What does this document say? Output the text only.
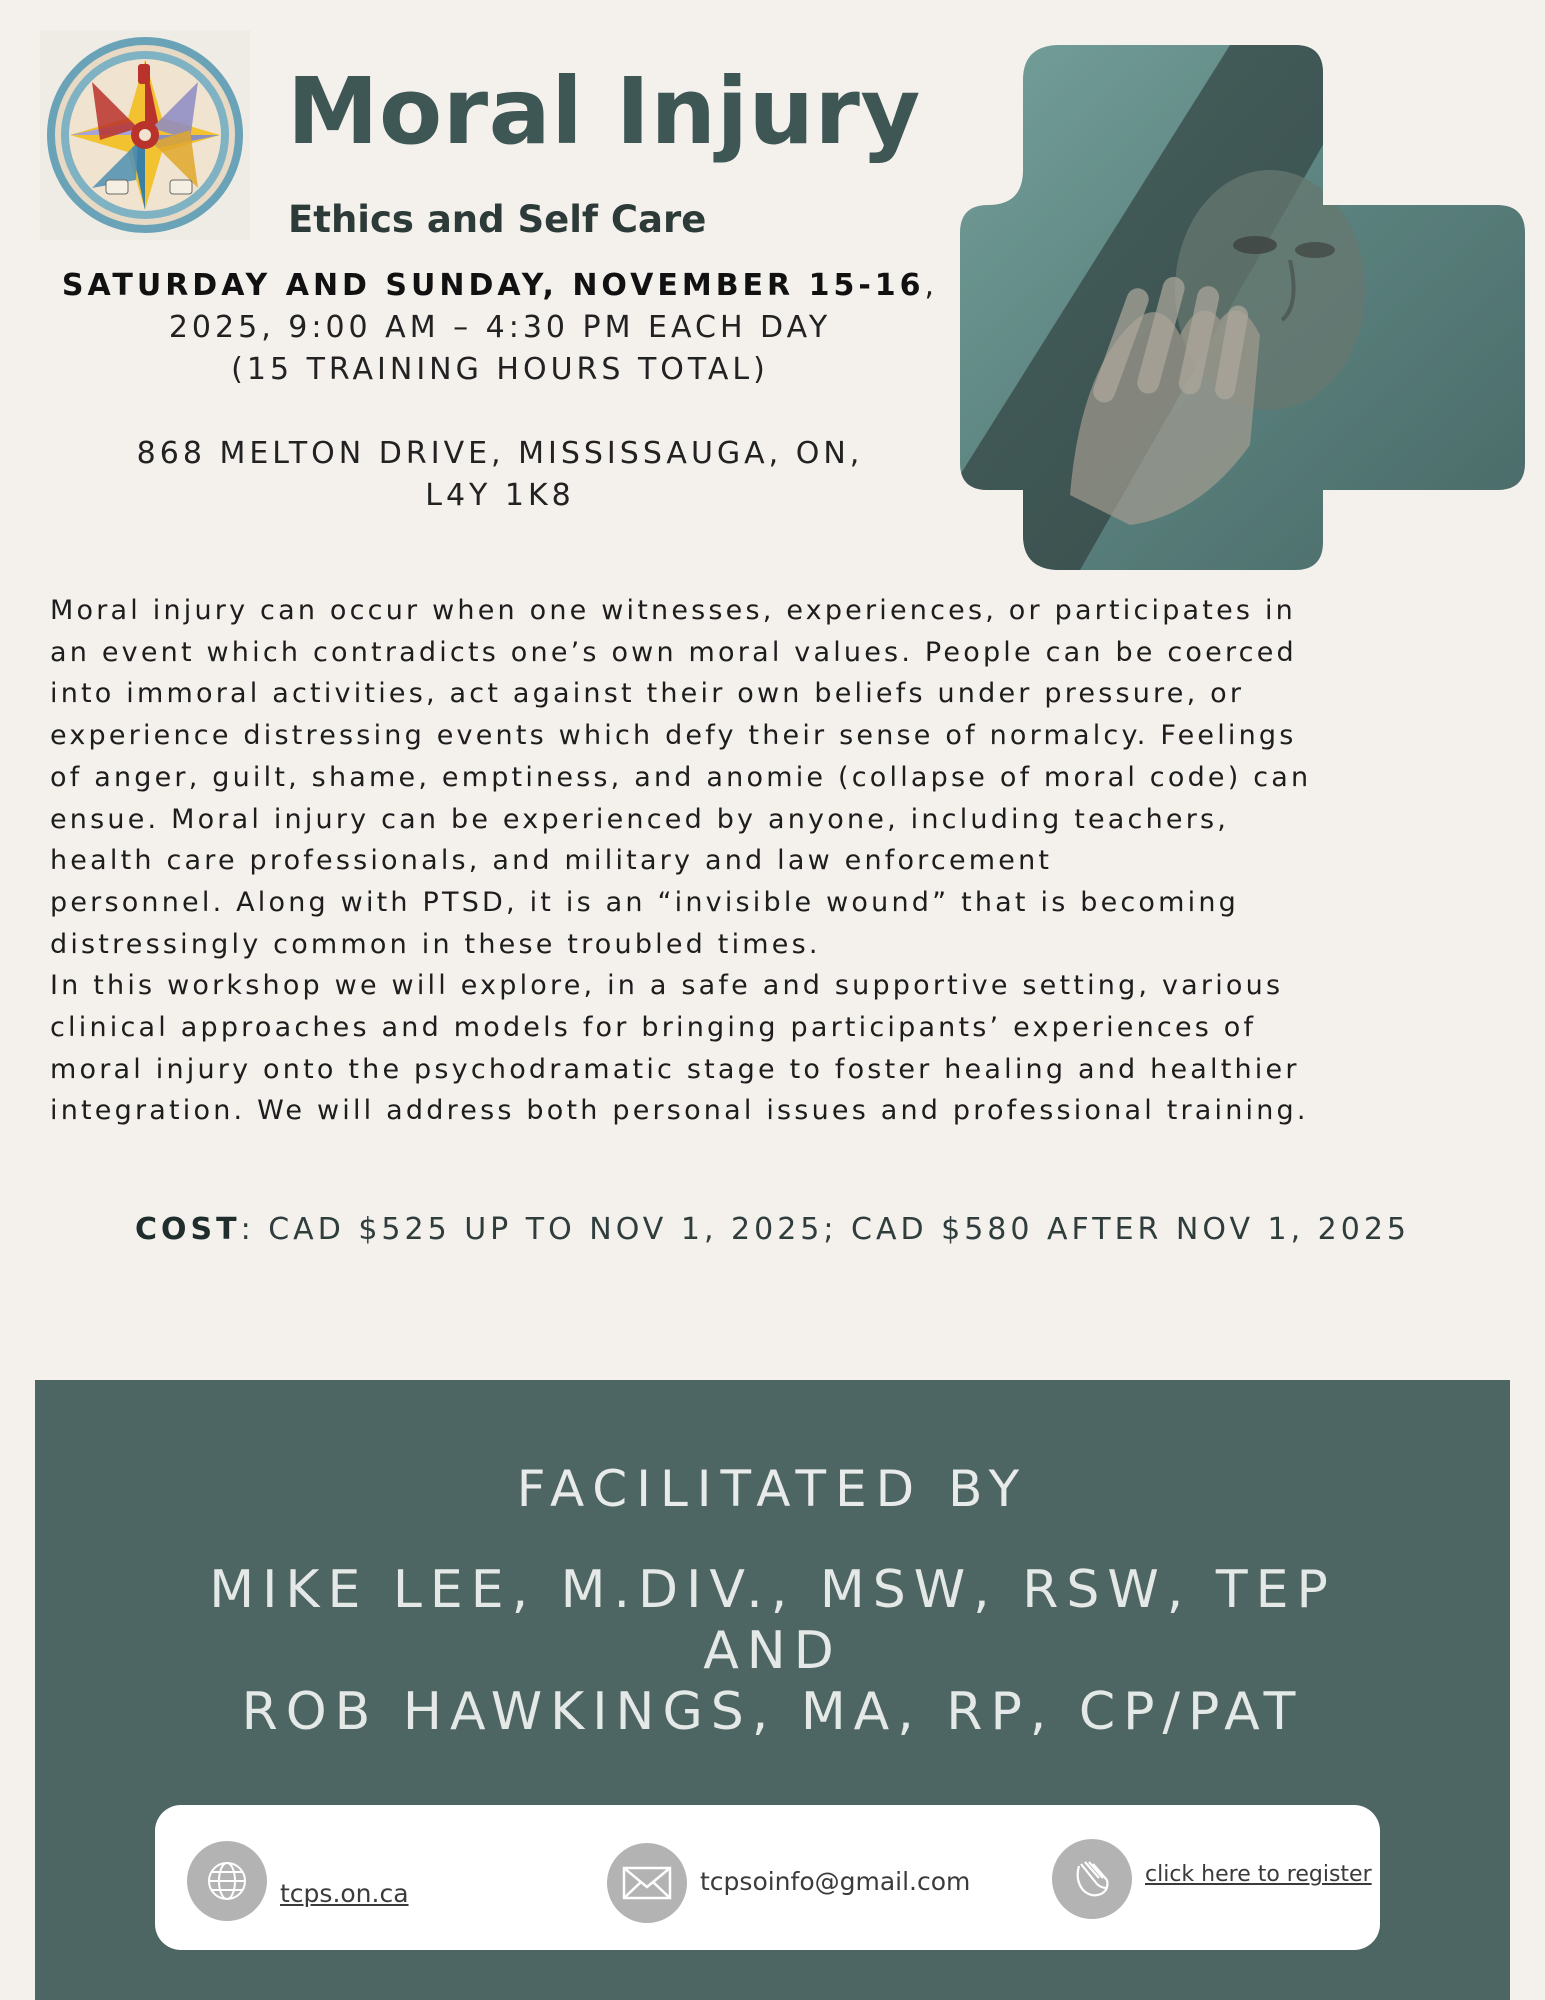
Moral Injury
Ethics and Self Care
SATURDAY AND SUNDAY, NOVEMBER 15-16,
2025, 9:00 AM – 4:30 PM EACH DAY
(15 TRAINING HOURS TOTAL)
868 MELTON DRIVE, MISSISSAUGA, ON,
L4Y 1K8

Moral injury can occur when one witnesses, experiences, or participates in

an event which contradicts one’s own moral values. People can be coerced

into immoral activities, act against their own beliefs under pressure, or

experience distressing events which defy their sense of normalcy. Feelings

of anger, guilt, shame, emptiness, and anomie (collapse of moral code) can

ensue. Moral injury can be experienced by anyone, including teachers,

health care professionals, and military and law enforcement

personnel. Along with PTSD, it is an “invisible wound” that is becoming

distressingly common in these troubled times.

In this workshop we will explore, in a safe and supportive setting, various

clinical approaches and models for bringing participants’ experiences of

moral injury onto the psychodramatic stage to foster healing and healthier

integration. We will address both personal issues and professional training.

COST: CAD $525 UP TO NOV 1, 2025; CAD $580 AFTER NOV 1, 2025
FACILITATED BY
MIKE LEE, M.DIV., MSW, RSW, TEP
AND
ROB HAWKINGS, MA, RP, CP/PAT
tcps.on.ca	tcpsoinfo@gmail.com	click here to register
